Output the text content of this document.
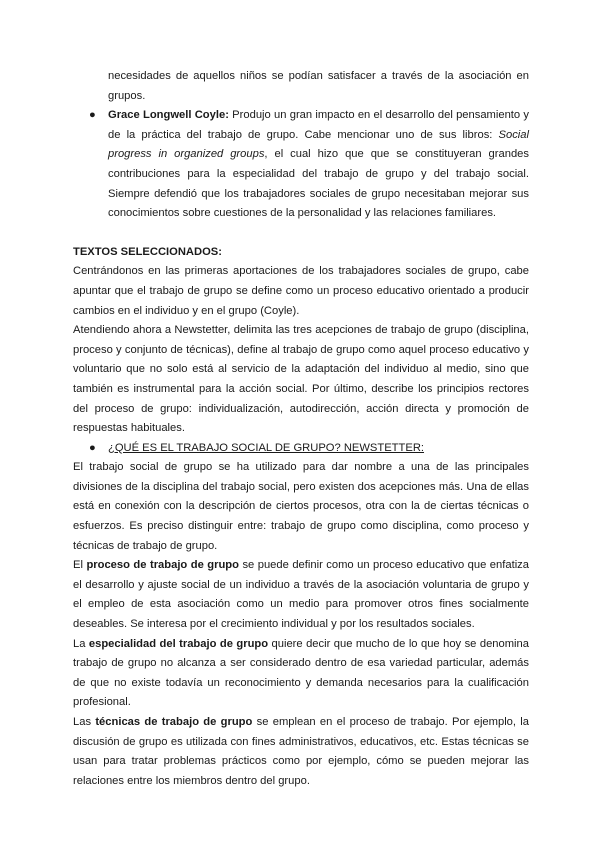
necesidades de aquellos niños se podían satisfacer a través de la asociación en grupos.

● Grace Longwell Coyle: Produjo un gran impacto en el desarrollo del pensamiento y de la práctica del trabajo de grupo. Cabe mencionar uno de sus libros: Social progress in organized groups, el cual hizo que que se constituyeran grandes contribuciones para la especialidad del trabajo de grupo y del trabajo social. Siempre defendió que los trabajadores sociales de grupo necesitaban mejorar sus conocimientos sobre cuestiones de la personalidad y las relaciones familiares.

TEXTOS SELECCIONADOS:

Centrándonos en las primeras aportaciones de los trabajadores sociales de grupo, cabe apuntar que el trabajo de grupo se define como un proceso educativo orientado a producir cambios en el individuo y en el grupo (Coyle).

Atendiendo ahora a Newstetter, delimita las tres acepciones de trabajo de grupo (disciplina, proceso y conjunto de técnicas), define al trabajo de grupo como aquel proceso educativo y voluntario que no solo está al servicio de la adaptación del individuo al medio, sino que también es instrumental para la acción social. Por último, describe los principios rectores del proceso de grupo: individualización, autodirección, acción directa y promoción de respuestas habituales.

● ¿QUÉ ES EL TRABAJO SOCIAL DE GRUPO? NEWSTETTER:

El trabajo social de grupo se ha utilizado para dar nombre a una de las principales divisiones de la disciplina del trabajo social, pero existen dos acepciones más. Una de ellas está en conexión con la descripción de ciertos procesos, otra con la de ciertas técnicas o esfuerzos. Es preciso distinguir entre: trabajo de grupo como disciplina, como proceso y técnicas de trabajo de grupo.

El proceso de trabajo de grupo se puede definir como un proceso educativo que enfatiza el desarrollo y ajuste social de un individuo a través de la asociación voluntaria de grupo y el empleo de esta asociación como un medio para promover otros fines socialmente deseables. Se interesa por el crecimiento individual y por los resultados sociales.

La especialidad del trabajo de grupo quiere decir que mucho de lo que hoy se denomina trabajo de grupo no alcanza a ser considerado dentro de esa variedad particular, además de que no existe todavía un reconocimiento y demanda necesarios para la cualificación profesional.

Las técnicas de trabajo de grupo se emplean en el proceso de trabajo. Por ejemplo, la discusión de grupo es utilizada con fines administrativos, educativos, etc. Estas técnicas se usan para tratar problemas prácticos como por ejemplo, cómo se pueden mejorar las relaciones entre los miembros dentro del grupo.
